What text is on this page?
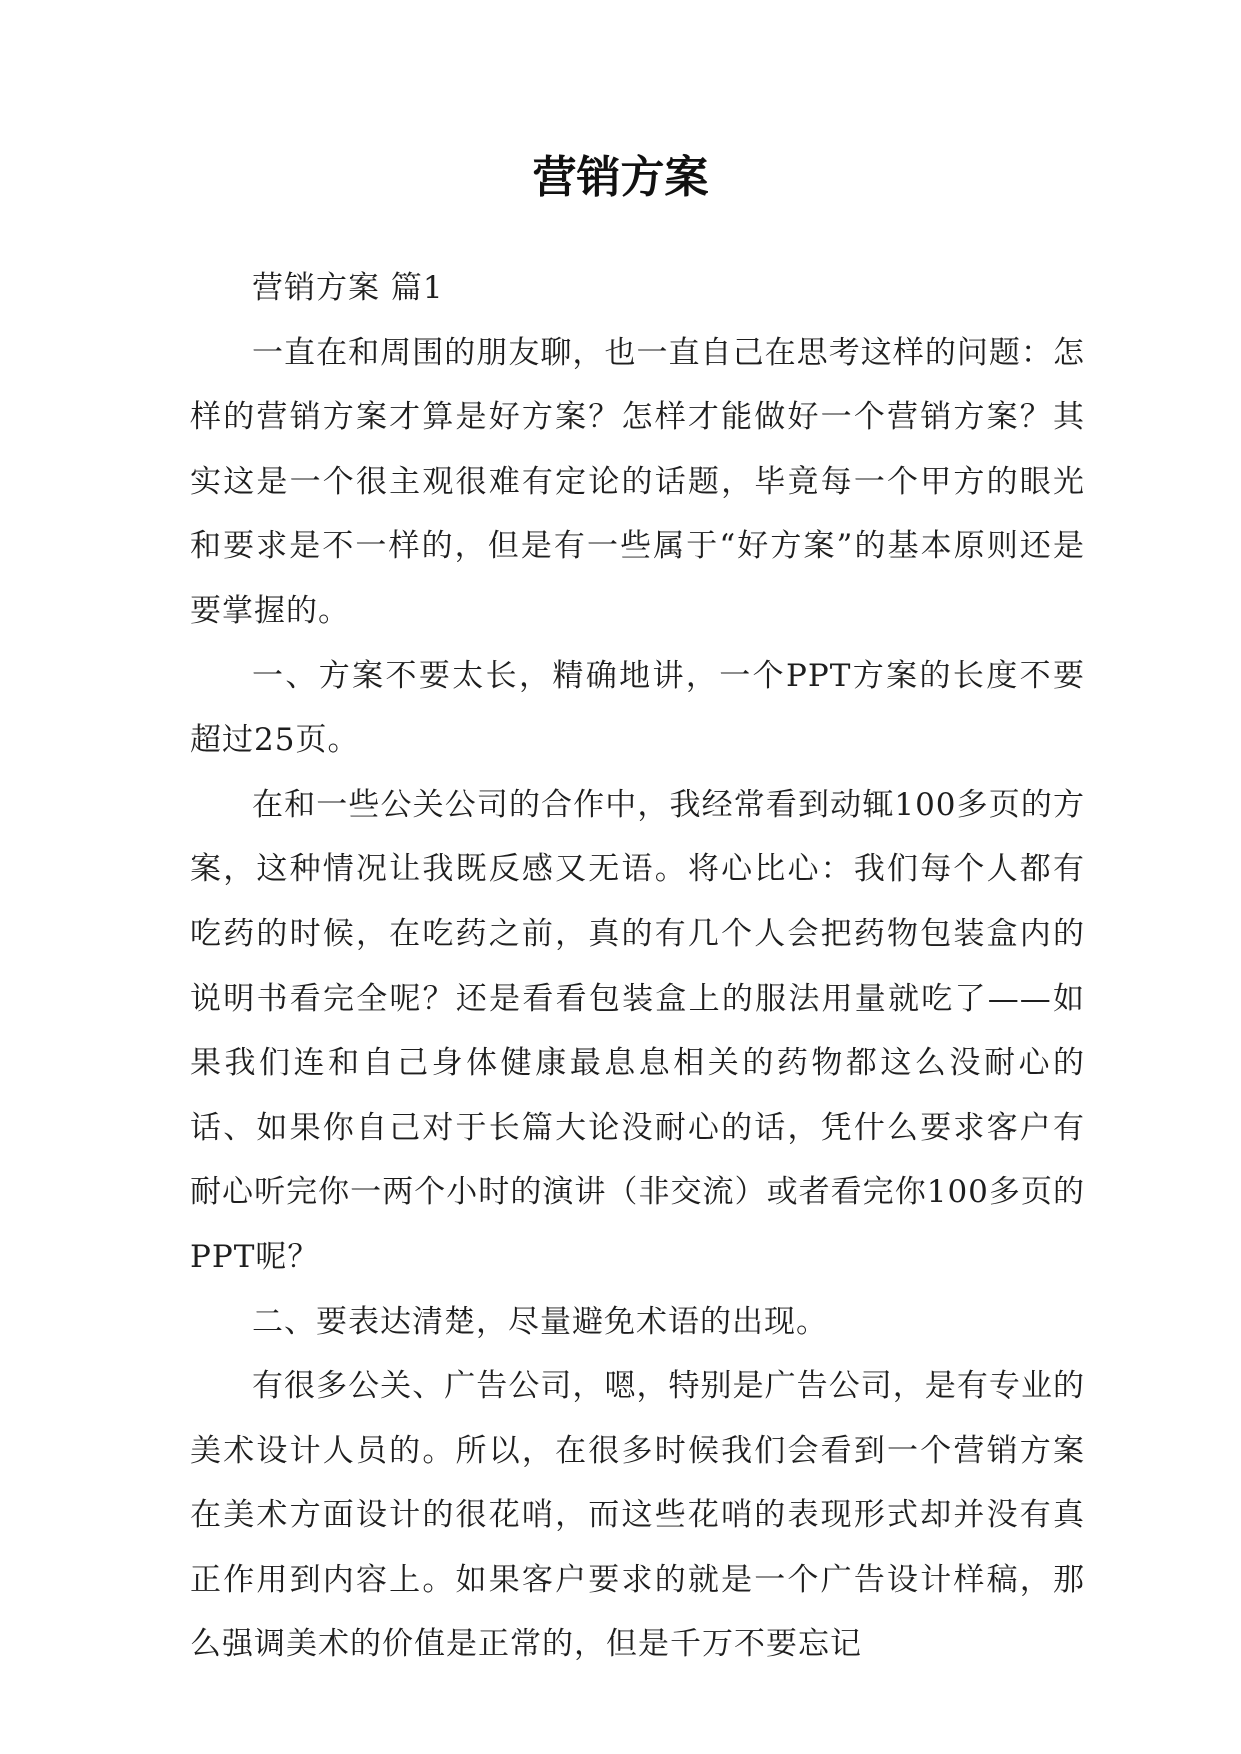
营销方案

营销方案 篇1

一直在和周围的朋友聊，也一直自己在思考这样的问题：怎样的营销方案才算是好方案？怎样才能做好一个营销方案？其实这是一个很主观很难有定论的话题，毕竟每一个甲方的眼光和要求是不一样的，但是有一些属于“好方案”的基本原则还是要掌握的。

一、方案不要太长，精确地讲，一个PPT方案的长度不要超过25页。

在和一些公关公司的合作中，我经常看到动辄100多页的方案，这种情况让我既反感又无语。将心比心：我们每个人都有吃药的时候，在吃药之前，真的有几个人会把药物包装盒内的说明书看完全呢？还是看看包装盒上的服法用量就吃了——如果我们连和自己身体健康最息息相关的药物都这么没耐心的话、如果你自己对于长篇大论没耐心的话，凭什么要求客户有耐心听完你一两个小时的演讲（非交流）或者看完你100多页的PPT呢？

二、要表达清楚，尽量避免术语的出现。

有很多公关、广告公司，嗯，特别是广告公司，是有专业的美术设计人员的。所以，在很多时候我们会看到一个营销方案在美术方面设计的很花哨，而这些花哨的表现形式却并没有真正作用到内容上。如果客户要求的就是一个广告设计样稿，那么强调美术的价值是正常的，但是千万不要忘记
